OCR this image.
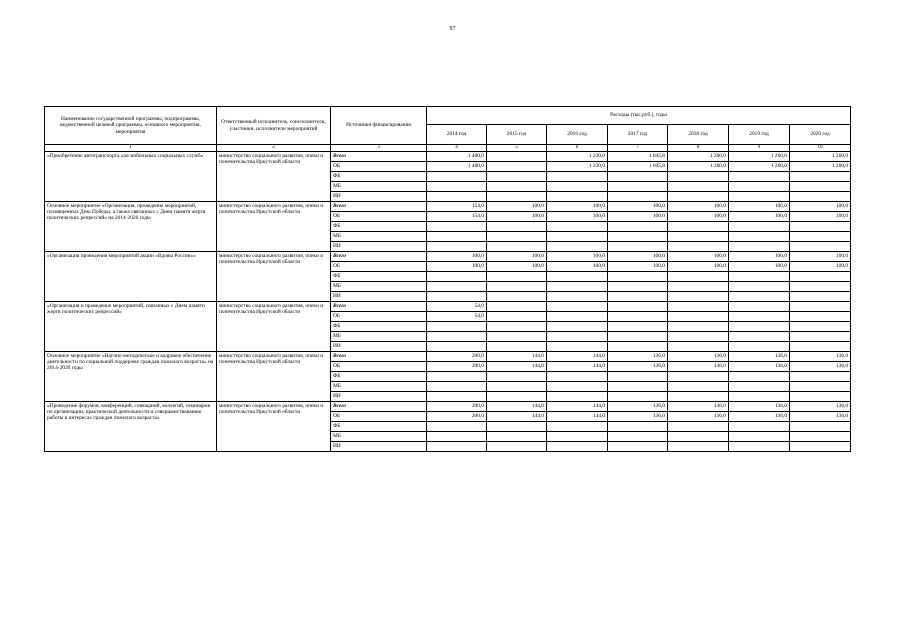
97
Наименование государственной программы, подпрограммы, ведомственной целевой программы, основного мероприятия, мероприятия	Ответственный исполнитель, соисполнители, участники, исполнители мероприятий	Источники финансирования	Расходы (тыс.руб.), годы						
			2014 год	2015 год	2016 год	2017 год	2018 год	2019 год	2020 год
1	2	3	4	5	6	7	8	9	10
«Приобретение автотранспорта для мобильных социальных служб»	министерство социального развития, опеки и попечительства Иркутской области	Всего	1 400,0		1 330,0	1 045,8	1 260,0	1 260,0	1 260,0
		ОБ	1 400,0		1 330,0	1 045,8	1 260,0	1 260,0	1 260,0
		ФБ							
		МБ							
		ИИ							
Основное мероприятие «Организация, проведение мероприятий, посвященных Дню Победы, а также связанных с Днем памяти жертв политических репрессий» на 2014-2020 годы	министерство социального развития, опеки и попечительства Иркутской области	Всего	154,0	100,0	100,0	100,0	100,0	100,0	100,0
		ОБ	154,0	100,0	100,0	100,0	100,0	100,0	100,0
		ФБ							
		МБ							
		ИИ							
«Организация проведения мероприятий акции «Вдовы России»»	министерство социального развития, опеки и попечительства Иркутской области	Всего	100,0	100,0	100,0	100,0	100,0	100,0	100,0
		ОБ	100,0	100,0	100,0	100,0	100,0	100,0	100,0
		ФБ							
		МБ							
		ИИ							
«Организация и проведение мероприятий, связанных с Днем памяти жертв политических репрессий»	министерство социального развития, опеки и попечительства Иркутской области	Всего	54,0						
		ОБ	54,0						
		ФБ							
		МБ							
		ИИ							
Основное мероприятие «Научно-методическое и кадровое обеспечение деятельности по социальной поддержке граждан пожилого возраста» на 2014-2020 годы	министерство социального развития, опеки и попечительства Иркутской области	Всего	200,0	144,0	144,0	136,0	136,0	136,0	136,0
		ОБ	200,0	144,0	144,0	136,0	136,0	136,0	136,0
		ФБ							
		МБ							
		ИИ							
«Проведение форумов, конференций, совещаний, коллегий, семинаров по организации, практической деятельности и совершенствованию работы в интересах граждан пожилого возраста»	министерство социального развития, опеки и попечительства Иркутской области	Всего	200,0	144,0	144,0	136,0	136,0	136,0	136,0
		ОБ	200,0	144,0	144,0	136,0	136,0	136,0	136,0
		ФБ							
		МБ							
		ИИ							
